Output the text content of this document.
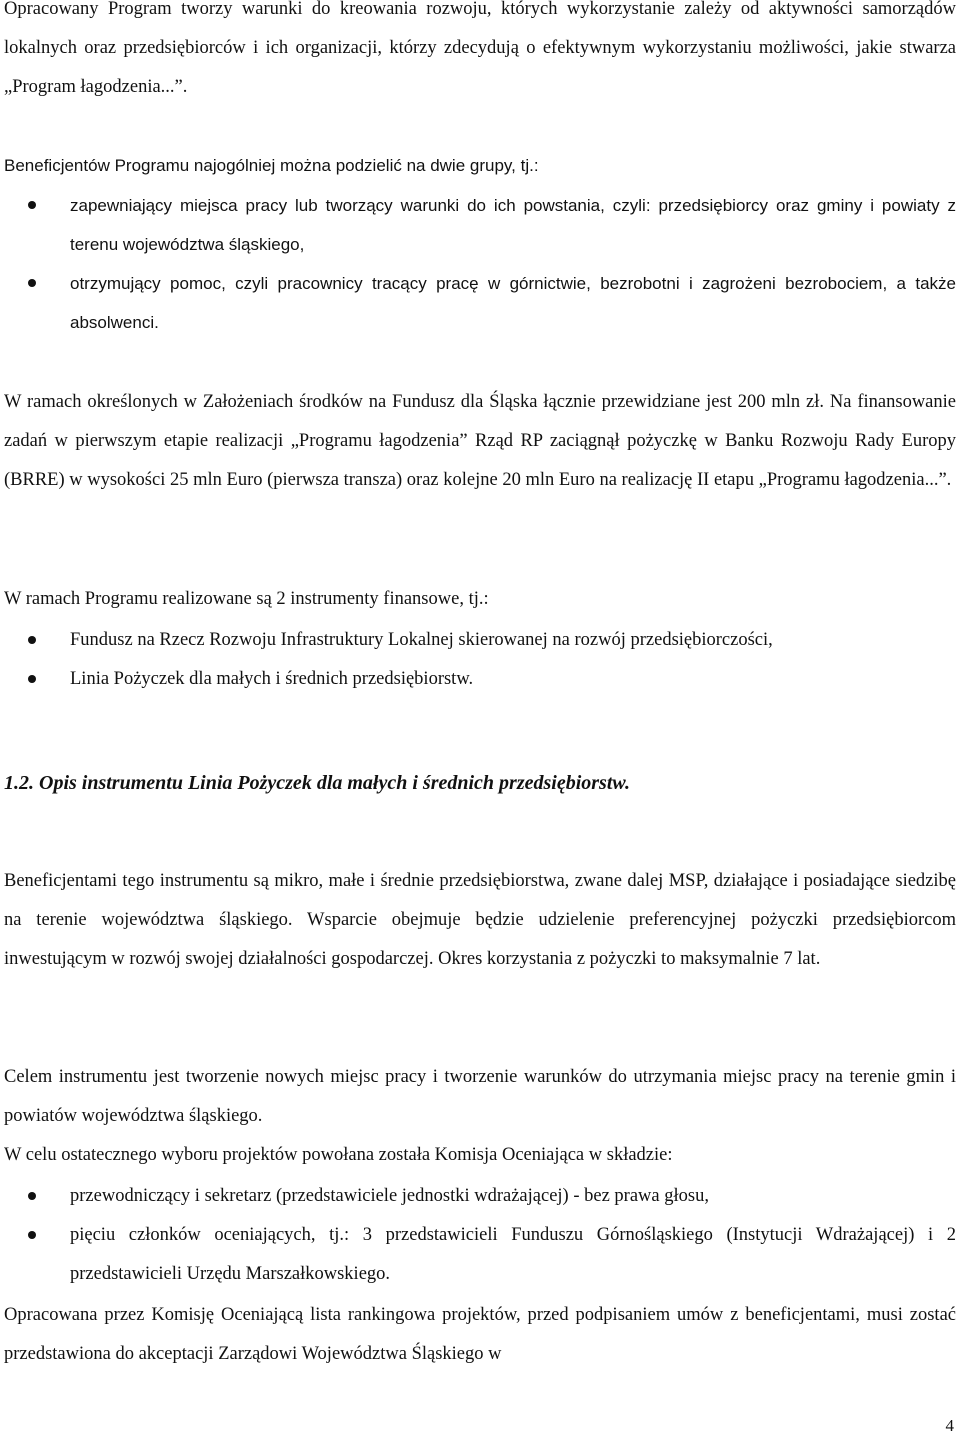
Opracowany Program tworzy warunki do kreowania rozwoju, których wykorzystanie zależy od aktywności samorządów lokalnych oraz przedsiębiorców i ich organizacji, którzy zdecydują o efektywnym wykorzystaniu możliwości, jakie stwarza „Program łagodzenia...”.

Beneficjentów Programu najogólniej można podzielić na dwie grupy, tj.:

zapewniający miejsca pracy lub tworzący warunki do ich powstania, czyli: przedsiębiorcy oraz gminy i powiaty z terenu województwa śląskiego,
otrzymujący pomoc, czyli pracownicy tracący pracę w górnictwie, bezrobotni i zagrożeni bezrobociem, a także absolwenci.

W ramach określonych w Założeniach środków na Fundusz dla Śląska łącznie przewidziane jest 200 mln zł. Na finansowanie zadań w pierwszym etapie realizacji „Programu łagodzenia” Rząd RP zaciągnął pożyczkę w Banku Rozwoju Rady Europy (BRRE) w wysokości 25 mln Euro (pierwsza transza) oraz kolejne 20 mln Euro na realizację II etapu „Programu łagodzenia...”.

W ramach Programu realizowane są 2 instrumenty finansowe, tj.:

Fundusz na Rzecz Rozwoju Infrastruktury Lokalnej skierowanej na rozwój przedsiębiorczości,
Linia Pożyczek dla małych i średnich przedsiębiorstw.
1.2. Opis instrumentu Linia Pożyczek dla małych i średnich przedsiębiorstw.

Beneficjentami tego instrumentu są mikro, małe i średnie przedsiębiorstwa, zwane dalej MSP, działające i posiadające siedzibę na terenie województwa śląskiego. Wsparcie obejmuje będzie udzielenie preferencyjnej pożyczki przedsiębiorcom inwestującym w rozwój swojej działalności gospodarczej. Okres korzystania z pożyczki to maksymalnie 7 lat.

Celem instrumentu jest tworzenie nowych miejsc pracy i tworzenie warunków do utrzymania miejsc pracy na terenie gmin i powiatów województwa śląskiego.

W celu ostatecznego wyboru projektów powołana została Komisja Oceniająca w składzie:

przewodniczący i sekretarz (przedstawiciele jednostki wdrażającej) - bez prawa głosu,
pięciu członków oceniających, tj.: 3 przedstawicieli Funduszu Górnośląskiego (Instytucji Wdrażającej) i 2 przedstawicieli Urzędu Marszałkowskiego.

Opracowana przez Komisję Oceniającą lista rankingowa projektów, przed podpisaniem umów z beneficjentami, musi zostać przedstawiona do akceptacji Zarządowi Województwa Śląskiego w

4
